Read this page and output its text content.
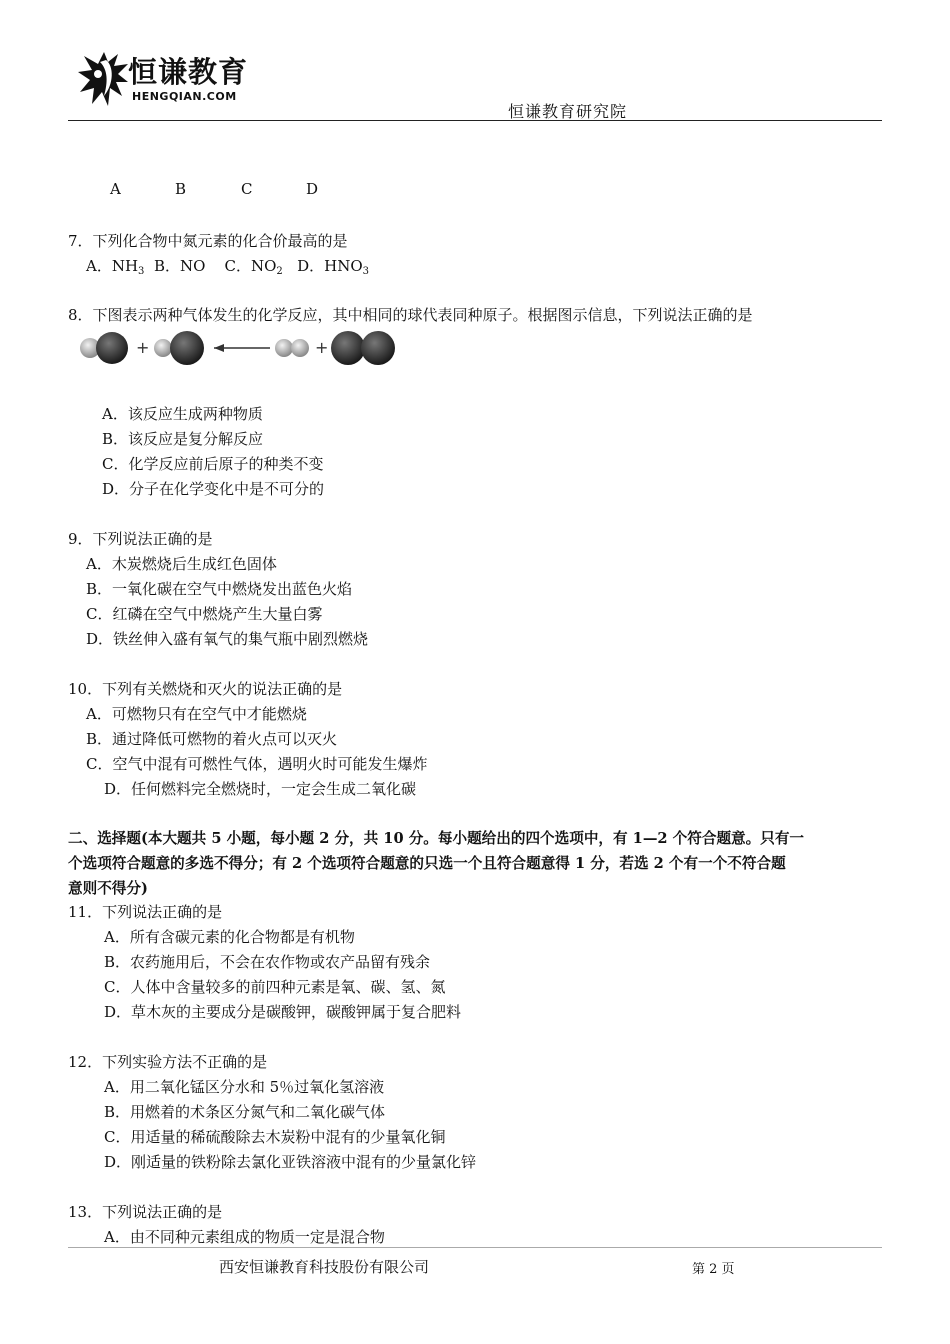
恒谦教育
HENGQIAN.COM
恒谦教育研究院
A	B	C	D
7．下列化合物中氮元素的化合价最高的是
A．$NH_3$ B．NO C．$NO_2$ D．$HNO_3$
8．下图表示两种气体发生的化学反应，其中相同的球代表同种原子。根据图示信息，下列说法正确的是
+	+
A．该反应生成两种物质
B．该反应是复分解反应
C．化学反应前后原子的种类不变
D．分子在化学变化中是不可分的
9．下列说法正确的是
A．木炭燃烧后生成红色固体
B．一氧化碳在空气中燃烧发出蓝色火焰
C．红磷在空气中燃烧产生大量白雾
D．铁丝伸入盛有氧气的集气瓶中剧烈燃烧
10．下列有关燃烧和灭火的说法正确的是
A．可燃物只有在空气中才能燃烧
B．通过降低可燃物的着火点可以灭火
C．空气中混有可燃性气体，遇明火时可能发生爆炸
D．任何燃料完全燃烧时，一定会生成二氧化碳
二、选择题(本大题共 5 小题，每小题 2 分，共 10 分。每小题给出的四个选项中，有 1—2 个符合题意。只有一
个选项符合题意的多选不得分；有 2 个选项符合题意的只选一个且符合题意得 1 分，若选 2 个有一个不符合题
意则不得分)
11．下列说法正确的是
A．所有含碳元素的化合物都是有机物
B．农药施用后，不会在农作物或农产品留有残余
C．人体中含量较多的前四种元素是氧、碳、氢、氮
D．草木灰的主要成分是碳酸钾，碳酸钾属于复合肥料
12．下列实验方法不正确的是
A．用二氧化锰区分水和 5％过氧化氢溶液
B．用燃着的术条区分氮气和二氧化碳气体
C．用适量的稀硫酸除去木炭粉中混有的少量氧化铜
D．刚适量的铁粉除去氯化亚铁溶液中混有的少量氯化锌
13．下列说法正确的是
A．由不同种元素组成的物质一定是混合物
西安恒谦教育科技股份有限公司	第 2 页
